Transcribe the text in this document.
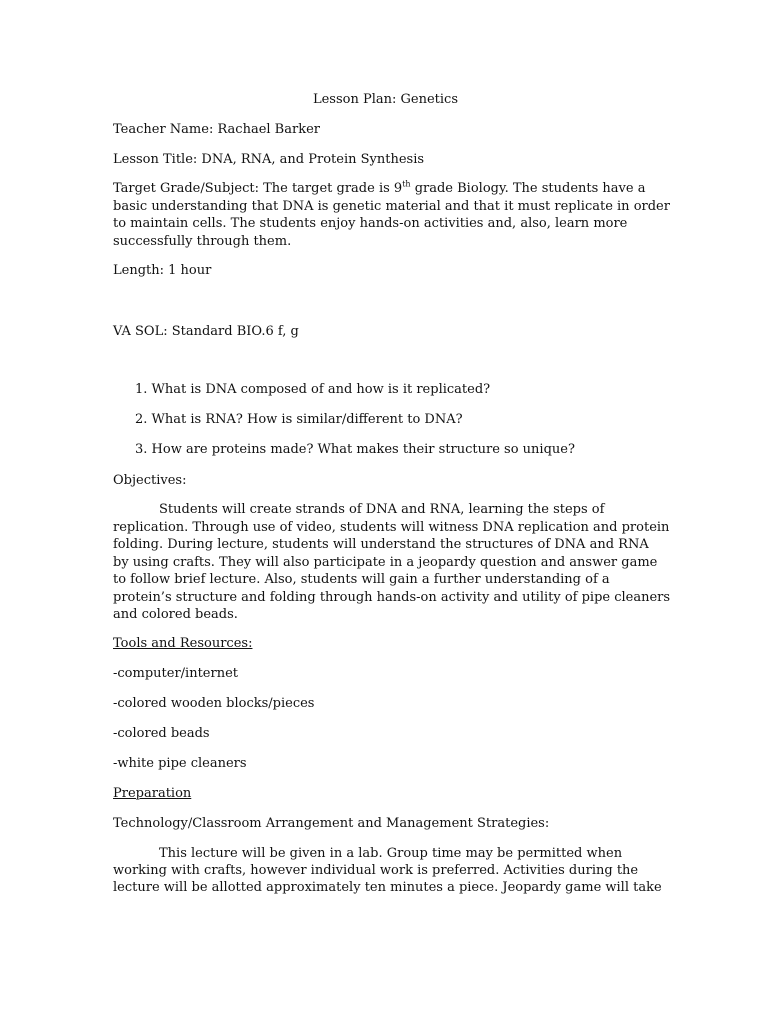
Lesson Plan: Genetics
Teacher Name: Rachael Barker
Lesson Title: DNA, RNA, and Protein Synthesis
Target Grade/Subject: The target grade is 9th grade Biology. The students have a
basic understanding that DNA is genetic material and that it must replicate in order
to maintain cells. The students enjoy hands-on activities and, also, learn more
successfully through them.
Length: 1 hour
VA SOL: Standard BIO.6 f, g
1. What is DNA composed of and how is it replicated?
2. What is RNA? How is similar/different to DNA?
3. How are proteins made? What makes their structure so unique?
Objectives:
Students will create strands of DNA and RNA, learning the steps of
replication. Through use of video, students will witness DNA replication and protein
folding. During lecture, students will understand the structures of DNA and RNA
by using crafts. They will also participate in a jeopardy question and answer game
to follow brief lecture. Also, students will gain a further understanding of a
protein’s structure and folding through hands-on activity and utility of pipe cleaners
and colored beads.
Tools and Resources:
-computer/internet
-colored wooden blocks/pieces
-colored beads
-white pipe cleaners
Preparation
Technology/Classroom Arrangement and Management Strategies:
This lecture will be given in a lab. Group time may be permitted when
working with crafts, however individual work is preferred. Activities during the
lecture will be allotted approximately ten minutes a piece. Jeopardy game will take
